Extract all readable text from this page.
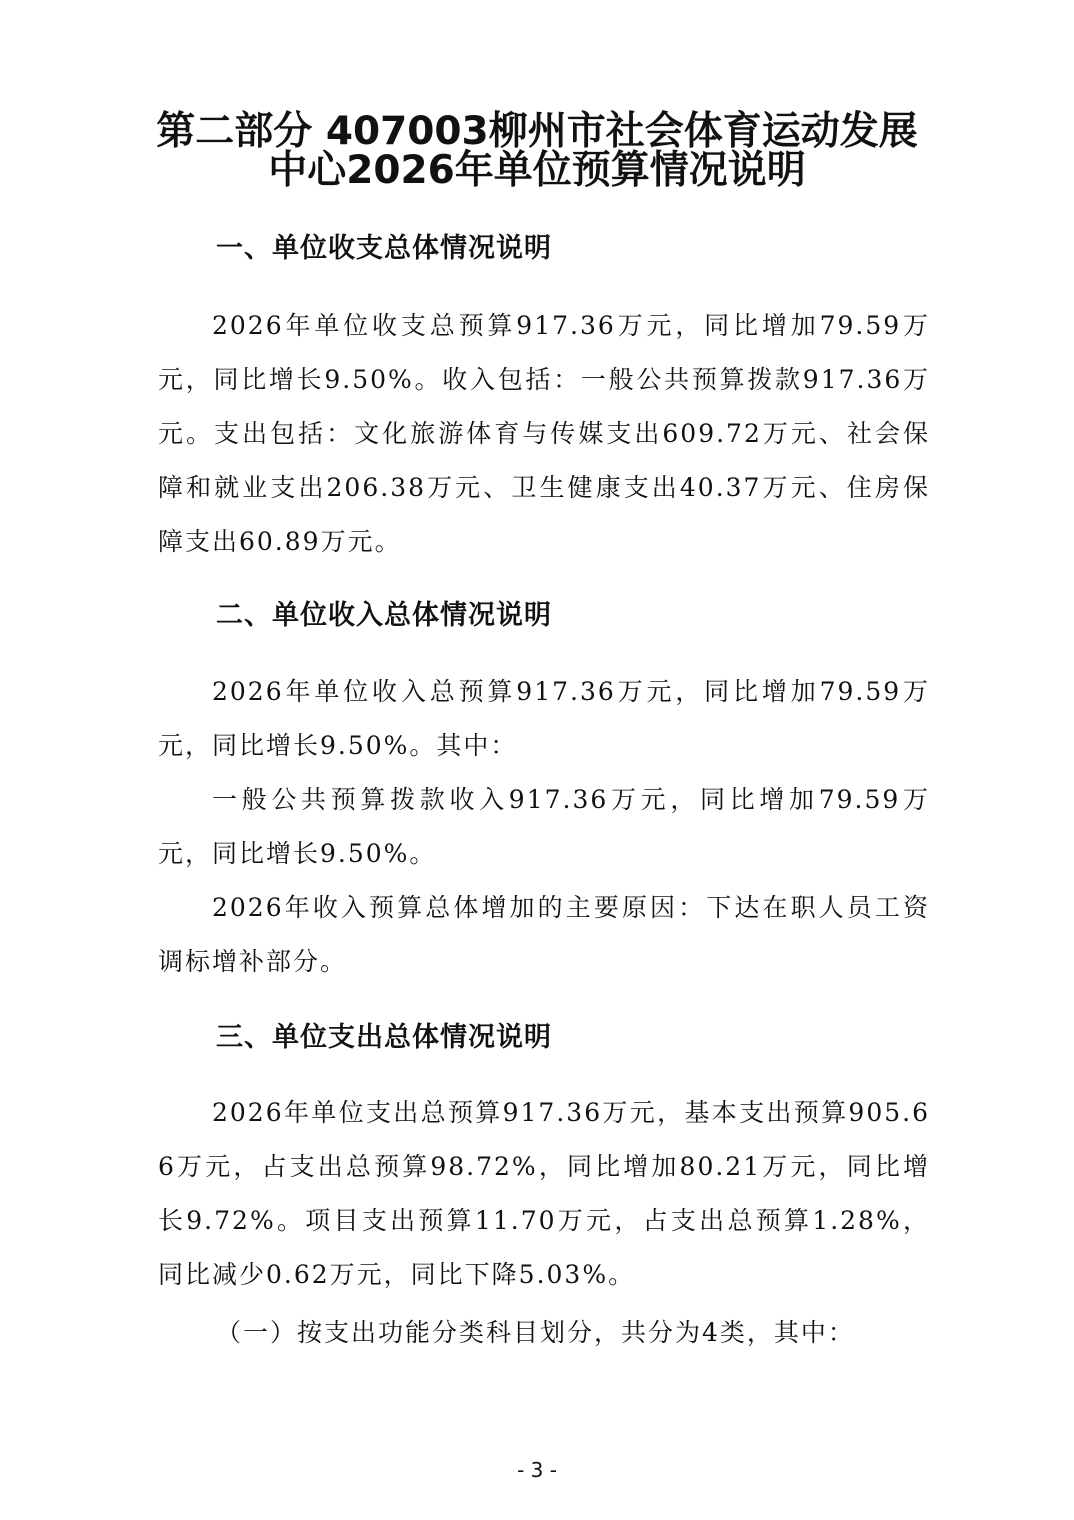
第二部分 407003柳州市社会体育运动发展
中心2026年单位预算情况说明
一、单位收支总体情况说明

2026年单位收支总预算917.36万元，同比增加79.59万元，同比增长9.50%。收入包括：一般公共预算拨款917.36万元。支出包括：文化旅游体育与传媒支出609.72万元、社会保障和就业支出206.38万元、卫生健康支出40.37万元、住房保障支出60.89万元。

二、单位收入总体情况说明

2026年单位收入总预算917.36万元，同比增加79.59万元，同比增长9.50%。其中：

一般公共预算拨款收入917.36万元，同比增加79.59万元，同比增长9.50%。

2026年收入预算总体增加的主要原因：下达在职人员工资调标增补部分。

三、单位支出总体情况说明

2026年单位支出总预算917.36万元，基本支出预算905.66万元，占支出总预算98.72%，同比增加80.21万元，同比增长9.72%。项目支出预算11.70万元，占支出总预算1.28%，同比减少0.62万元，同比下降5.03%。

（一）按支出功能分类科目划分，共分为4类，其中：

- 3 -
